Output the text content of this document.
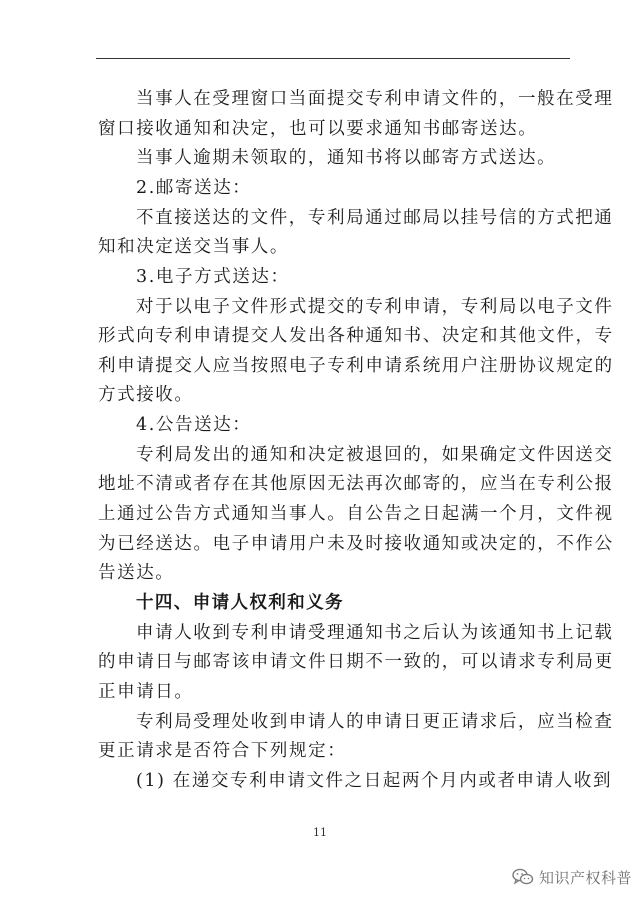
当事人在受理窗口当面提交专利申请文件的，一般在受理
窗口接收通知和决定，也可以要求通知书邮寄送达。
当事人逾期未领取的，通知书将以邮寄方式送达。
2.邮寄送达：
不直接送达的文件，专利局通过邮局以挂号信的方式把通
知和决定送交当事人。
3.电子方式送达：
对于以电子文件形式提交的专利申请，专利局以电子文件
形式向专利申请提交人发出各种通知书、决定和其他文件，专
利申请提交人应当按照电子专利申请系统用户注册协议规定的
方式接收。
4.公告送达：
专利局发出的通知和决定被退回的，如果确定文件因送交
地址不清或者存在其他原因无法再次邮寄的，应当在专利公报
上通过公告方式通知当事人。自公告之日起满一个月，文件视
为已经送达。电子申请用户未及时接收通知或决定的，不作公
告送达。
十四、申请人权利和义务
申请人收到专利申请受理通知书之后认为该通知书上记载
的申请日与邮寄该申请文件日期不一致的，可以请求专利局更
正申请日。
专利局受理处收到申请人的申请日更正请求后，应当检查
更正请求是否符合下列规定：
(1) 在递交专利申请文件之日起两个月内或者申请人收到
11
知识产权科普
